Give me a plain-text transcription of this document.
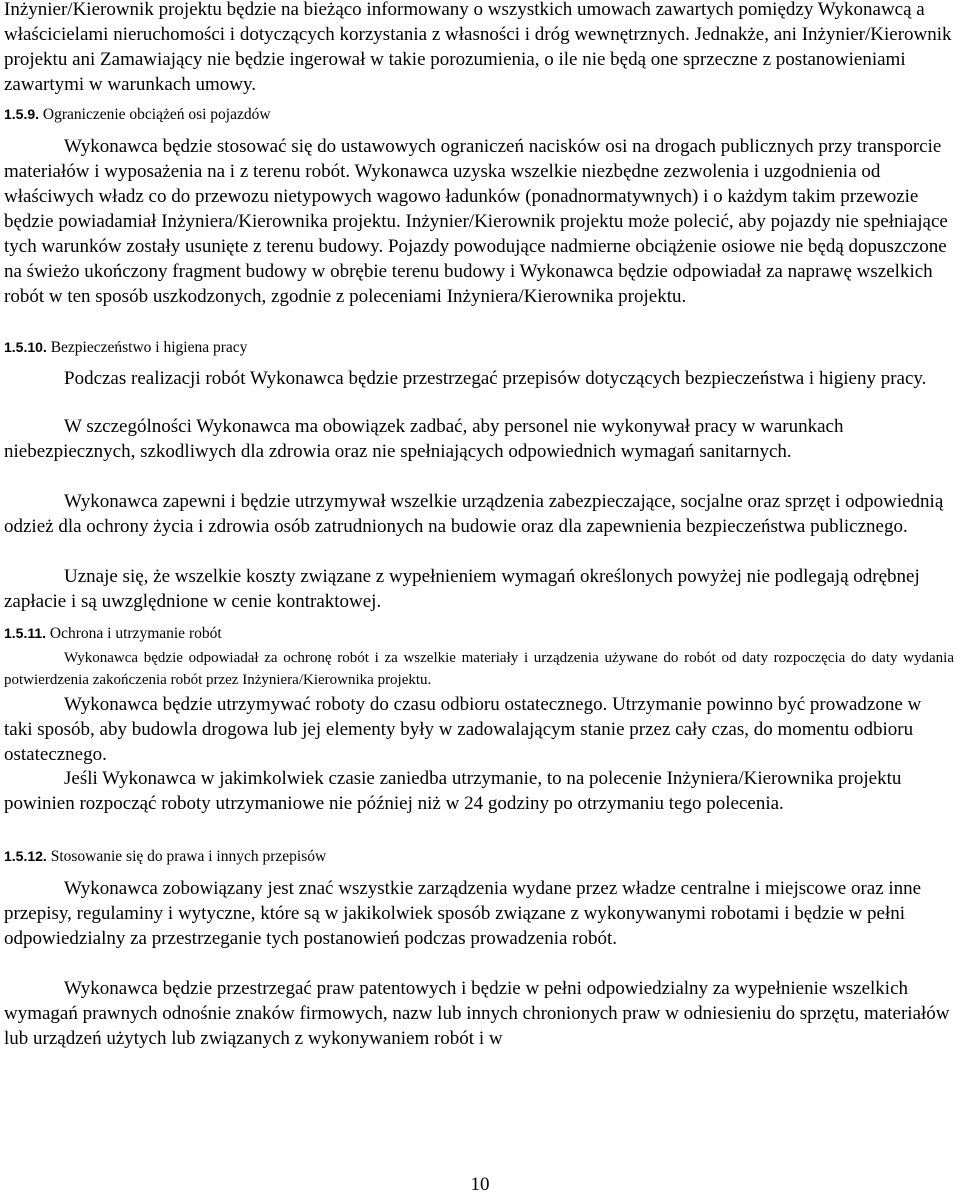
Inżynier/Kierownik projektu będzie na bieżąco informowany o wszystkich umowach zawartych pomiędzy Wykonawcą a właścicielami nieruchomości i dotyczących korzystania z własności i dróg wewnętrznych. Jednakże, ani Inżynier/Kierownik projektu ani Zamawiający nie będzie ingerował w takie porozumienia, o ile nie będą one sprzeczne z postanowieniami zawartymi w warunkach umowy.

1.5.9. Ograniczenie obciążeń osi pojazdów

Wykonawca będzie stosować się do ustawowych ograniczeń nacisków osi na drogach publicznych przy transporcie materiałów i wyposażenia na i z terenu robót. Wykonawca uzyska wszelkie niezbędne zezwolenia i uzgodnienia od właściwych władz co do przewozu nietypowych wagowo ładunków (ponadnormatywnych) i o każdym takim przewozie będzie powiadamiał Inżyniera/Kierownika projektu. Inżynier/Kierownik projektu może polecić, aby pojazdy nie spełniające tych warunków zostały usunięte z terenu budowy. Pojazdy powodujące nadmierne obciążenie osiowe nie będą dopuszczone na świeżo ukończony fragment budowy w obrębie terenu budowy i Wykonawca będzie odpowiadał za naprawę wszelkich robót w ten sposób uszkodzonych, zgodnie z poleceniami Inżyniera/Kierownika projektu.

1.5.10. Bezpieczeństwo i higiena pracy

Podczas realizacji robót Wykonawca będzie przestrzegać przepisów dotyczących bezpieczeństwa i higieny pracy.

W szczególności Wykonawca ma obowiązek zadbać, aby personel nie wykonywał pracy w warunkach niebezpiecznych, szkodliwych dla zdrowia oraz nie spełniających odpowiednich wymagań sanitarnych.

Wykonawca zapewni i będzie utrzymywał wszelkie urządzenia zabezpieczające, socjalne oraz sprzęt i odpowiednią odzież dla ochrony życia i zdrowia osób zatrudnionych na budowie oraz dla zapewnienia bezpieczeństwa publicznego.

Uznaje się, że wszelkie koszty związane z wypełnieniem wymagań określonych powyżej nie podlegają odrębnej zapłacie i są uwzględnione w cenie kontraktowej.

1.5.11. Ochrona i utrzymanie robót

Wykonawca będzie odpowiadał za ochronę robót i za wszelkie materiały i urządzenia używane do robót od daty rozpoczęcia do daty wydania potwierdzenia zakończenia robót przez Inżyniera/Kierownika projektu.

Wykonawca będzie utrzymywać roboty do czasu odbioru ostatecznego. Utrzymanie powinno być prowadzone w taki sposób, aby budowla drogowa lub jej elementy były w zadowalającym stanie przez cały czas, do momentu odbioru ostatecznego.

Jeśli Wykonawca w jakimkolwiek czasie zaniedba utrzymanie, to na polecenie Inżyniera/Kierownika projektu powinien rozpocząć roboty utrzymaniowe nie później niż w 24 godziny po otrzymaniu tego polecenia.

1.5.12. Stosowanie się do prawa i innych przepisów

Wykonawca zobowiązany jest znać wszystkie zarządzenia wydane przez władze centralne i miejscowe oraz inne przepisy, regulaminy i wytyczne, które są w jakikolwiek sposób związane z wykonywanymi robotami i będzie w pełni odpowiedzialny za przestrzeganie tych postanowień podczas prowadzenia robót.

Wykonawca będzie przestrzegać praw patentowych i będzie w pełni odpowiedzialny za wypełnienie wszelkich wymagań prawnych odnośnie znaków firmowych, nazw lub innych chronionych praw w odniesieniu do sprzętu, materiałów lub urządzeń użytych lub związanych z wykonywaniem robót i w

10
